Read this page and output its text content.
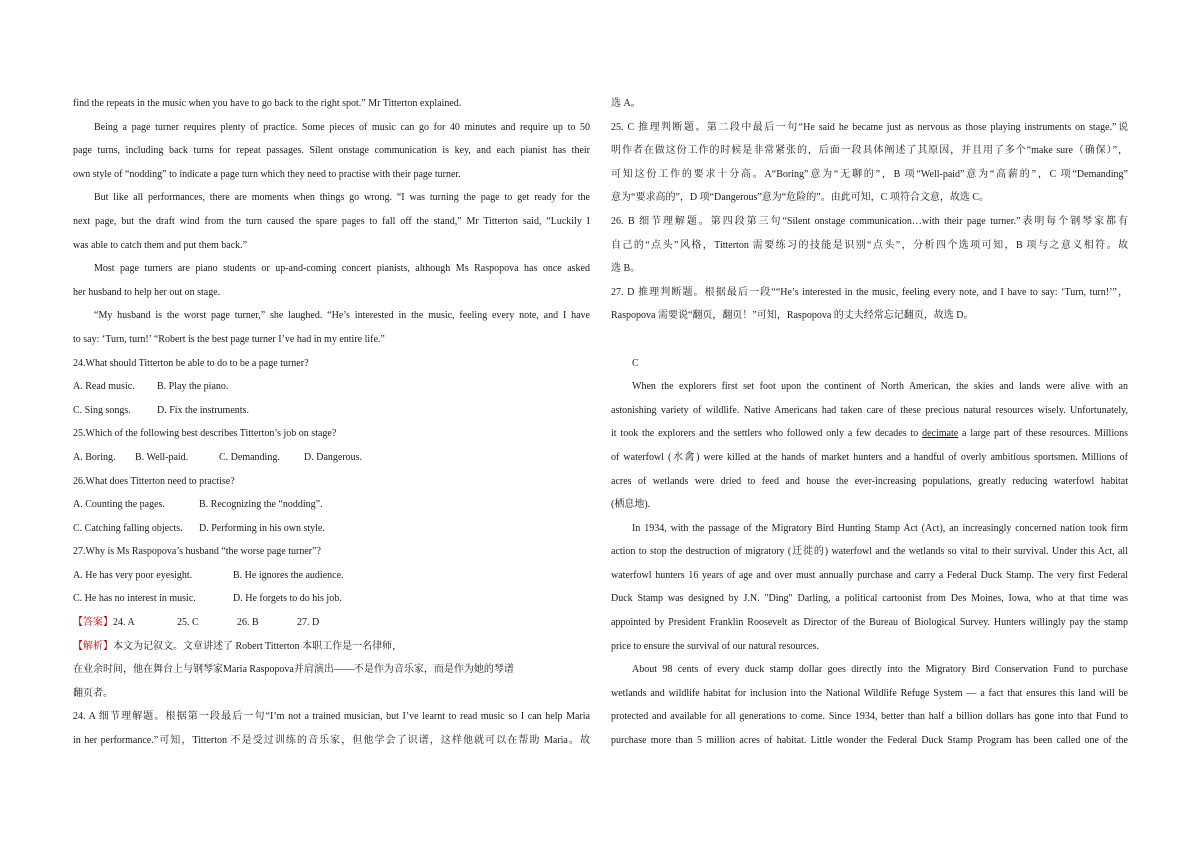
find the repeats in the music when you have to go back to the right spot.” Mr Titterton explained.
Being a page turner requires plenty of practice. Some pieces of music can go for 40 minutes and require up to 50
page turns, including back turns for repeat passages. Silent onstage communication is key, and each pianist has their
own style of “nodding” to indicate a page turn which they need to practise with their page turner.
But like all performances, there are moments when things go wrong. “I was turning the page to get ready for the
next page, but the draft wind from the turn caused the spare pages to fall off the stand,” Mr Titterton said, “Luckily I
was able to catch them and put them back.”
Most page turners are piano students or up-and-coming concert pianists, although Ms Raspopova has once asked
her husband to help her out on stage.
“My husband is the worst page turner,” she laughed. “He’s interested in the music, feeling every note, and I have
to say: ‘Turn, turn!’ “Robert is the best page turner I’ve had in my entire life.”
24.What should Titterton be able to do to be a page turner?
A. Read music. B. Play the piano.
C. Sing songs.	D. Fix the instruments.
25.Which of the following best describes Titterton’s job on stage?
A. Boring. B. Well-paid.	C. Demanding. D. Dangerous.
26.What does Titterton need to practise?
A. Counting the pages.	B. Recognizing the “nodding”.
C. Catching falling objects. D. Performing in his own style.
27.Why is Ms Raspopova’s husband “the worse page turner”?
A. He has very poor eyesight.	B. He ignores the audience.
C. He has no interest in music.	D. He forgets to do his job.
【答案】24. A	25. C	26. B	27. D
【解析】本文为记叙文。文章讲述了 Robert Titterton 本职工作是一名律师，
在业余时间，他在舞台上与钢琴家Maria Raspopova并肩演出——不是作为音乐家，而是作为她的琴谱
翻页者。
24. A 细节理解题。根据第一段最后一句“I’m not a trained musician, but I’ve learnt to read music so I can help Maria
in her performance.”可知，Titterton 不是受过训练的音乐家，但他学会了识谱，这样他就可以在帮助 Maria。故
选 A。
25. C 推理判断题。第二段中最后一句“He said he became just as nervous as those playing instruments on stage.”说
明作者在做这份工作的时候是非常紧张的，后面一段具体阐述了其原因，并且用了多个“make sure（确保）”，
可知这份工作的要求十分高。A“Boring”意为“无聊的”，B 项“Well-paid”意为“高薪的”，C 项“Demanding”
意为“要求高的”，D 项“Dangerous”意为“危险的”。由此可知，C 项符合文意，故选 C。
26. B 细节理解题。第四段第三句“Silent onstage communication…with their page turner.”表明每个钢琴家都有
自己的“点头”风格，Titterton 需要练习的技能是识别“点头”，分析四个选项可知，B 项与之意义相符。故
选 B。
27. D 推理判断题。根据最后一段““He’s interested in the music, feeling every note, and I have to say: ‘Turn, turn!’”，
Raspopova 需要说“翻页，翻页！”可知，Raspopova 的丈夫经常忘记翻页，故选 D。
C
When the explorers first set foot upon the continent of North American, the skies and lands were alive with an
astonishing variety of wildlife. Native Americans had taken care of these precious natural resources wisely. Unfortunately,
it took the explorers and the settlers who followed only a few decades to decimate a large part of these resources. Millions
of waterfowl (水禽) were killed at the hands of market hunters and a handful of overly ambitious sportsmen. Millions of
acres of wetlands were dried to feed and house the ever-increasing populations, greatly reducing waterfowl habitat
(栖息地).
In 1934, with the passage of the Migratory Bird Hunting Stamp Act (Act), an increasingly concerned nation took firm
action to stop the destruction of migratory (迁徙的) waterfowl and the wetlands so vital to their survival. Under this Act, all
waterfowl hunters 16 years of age and over must annually purchase and carry a Federal Duck Stamp. The very first Federal
Duck Stamp was designed by J.N. "Ding" Darling, a political cartoonist from Des Moines, Iowa, who at that time was
appointed by President Franklin Roosevelt as Director of the Bureau of Biological Survey. Hunters willingly pay the stamp
price to ensure the survival of our natural resources.
About 98 cents of every duck stamp dollar goes directly into the Migratory Bird Conservation Fund to purchase
wetlands and wildlife habitat for inclusion into the National Wildlife Refuge System — a fact that ensures this land will be
protected and available for all generations to come. Since 1934, better than half a billion dollars has gone into that Fund to
purchase more than 5 million acres of habitat. Little wonder the Federal Duck Stamp Program has been called one of the
